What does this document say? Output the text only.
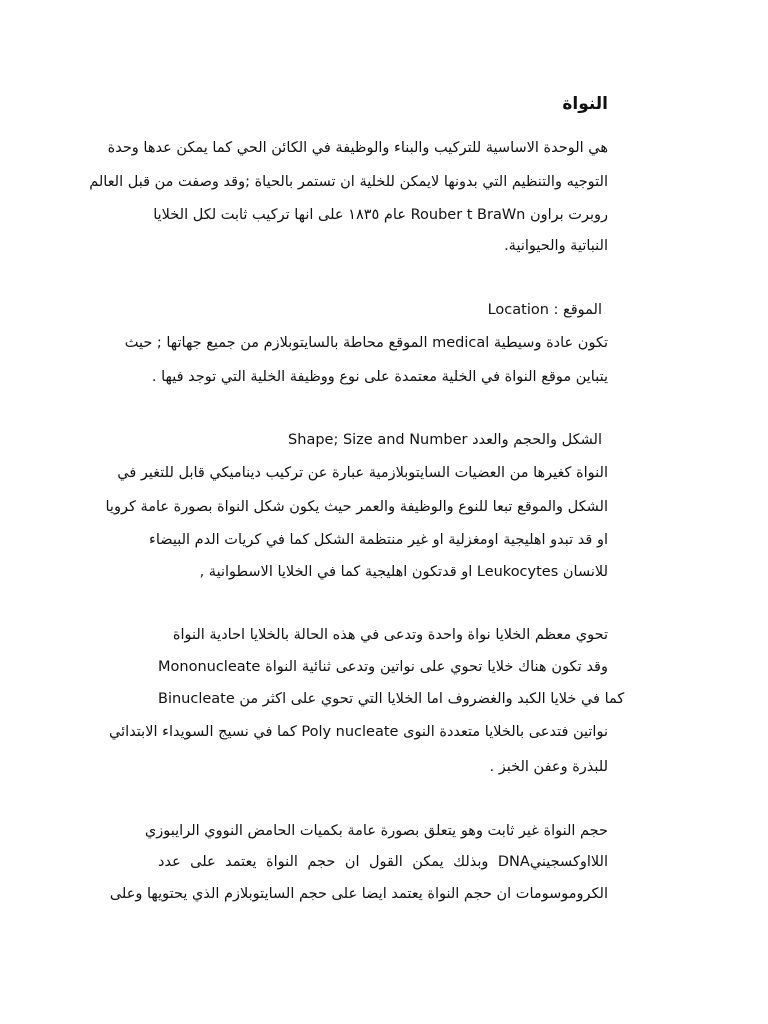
النواة
هي الوحدة الاساسية للتركيب والبناء والوظيفة في الكائن الحي كما يمكن عدها وحدة
التوجيه والتنظيم التي بدونها لايمكن للخلية ان تستمر بالحياة ;وقد وصفت من قبل العالم
روبرت براون Rouber t BraWn عام ١٨٣٥ على انها تركيب ثابت لكل الخلايا
النباتية والحيوانية.
الموقع : Location
تكون عادة وسيطية medical الموقع محاطة بالسايتوبلازم من جميع جهاتها ; حيث
يتباين موقع النواة في الخلية معتمدة على نوع ووظيفة الخلية التي توجد فيها .
الشكل والحجم والعدد Shape; Size and Number
النواة كغيرها من العضيات السايتوبلازمية عبارة عن تركيب ديناميكي قابل للتغير في
الشكل والموقع تبعا للنوع والوظيفة والعمر حيث يكون شكل النواة بصورة عامة كرويا
او قد تبدو اهليجية اومغزلية او غير منتظمة الشكل كما في كريات الدم البيضاء
للانسان Leukocytes او قدتكون اهليجية كما في الخلايا الاسطوانية ,
تحوي معظم الخلايا نواة واحدة وتدعى في هذه الحالة بالخلايا احادية النواة
Mononucleate وقد تكون هناك خلايا تحوي على نواتين وتدعى ثنائية النواة
Binucleate كما في خلايا الكبد والغضروف اما الخلايا التي تحوي على اكثر من
نواتين فتدعى بالخلايا متعددة النوى Poly nucleate كما في نسيج السويداء الابتدائي
للبذرة وعفن الخبز .
حجم النواة غير ثابت وهو يتعلق بصورة عامة بكميات الحامض النووي الرايبوزي
اللااوكسجينيDNA وبذلك يمكن القول ان حجم النواة يعتمد على عدد
الكروموسومات ان حجم النواة يعتمد ايضا على حجم السايتوبلازم الذي يحتويها وعلى
